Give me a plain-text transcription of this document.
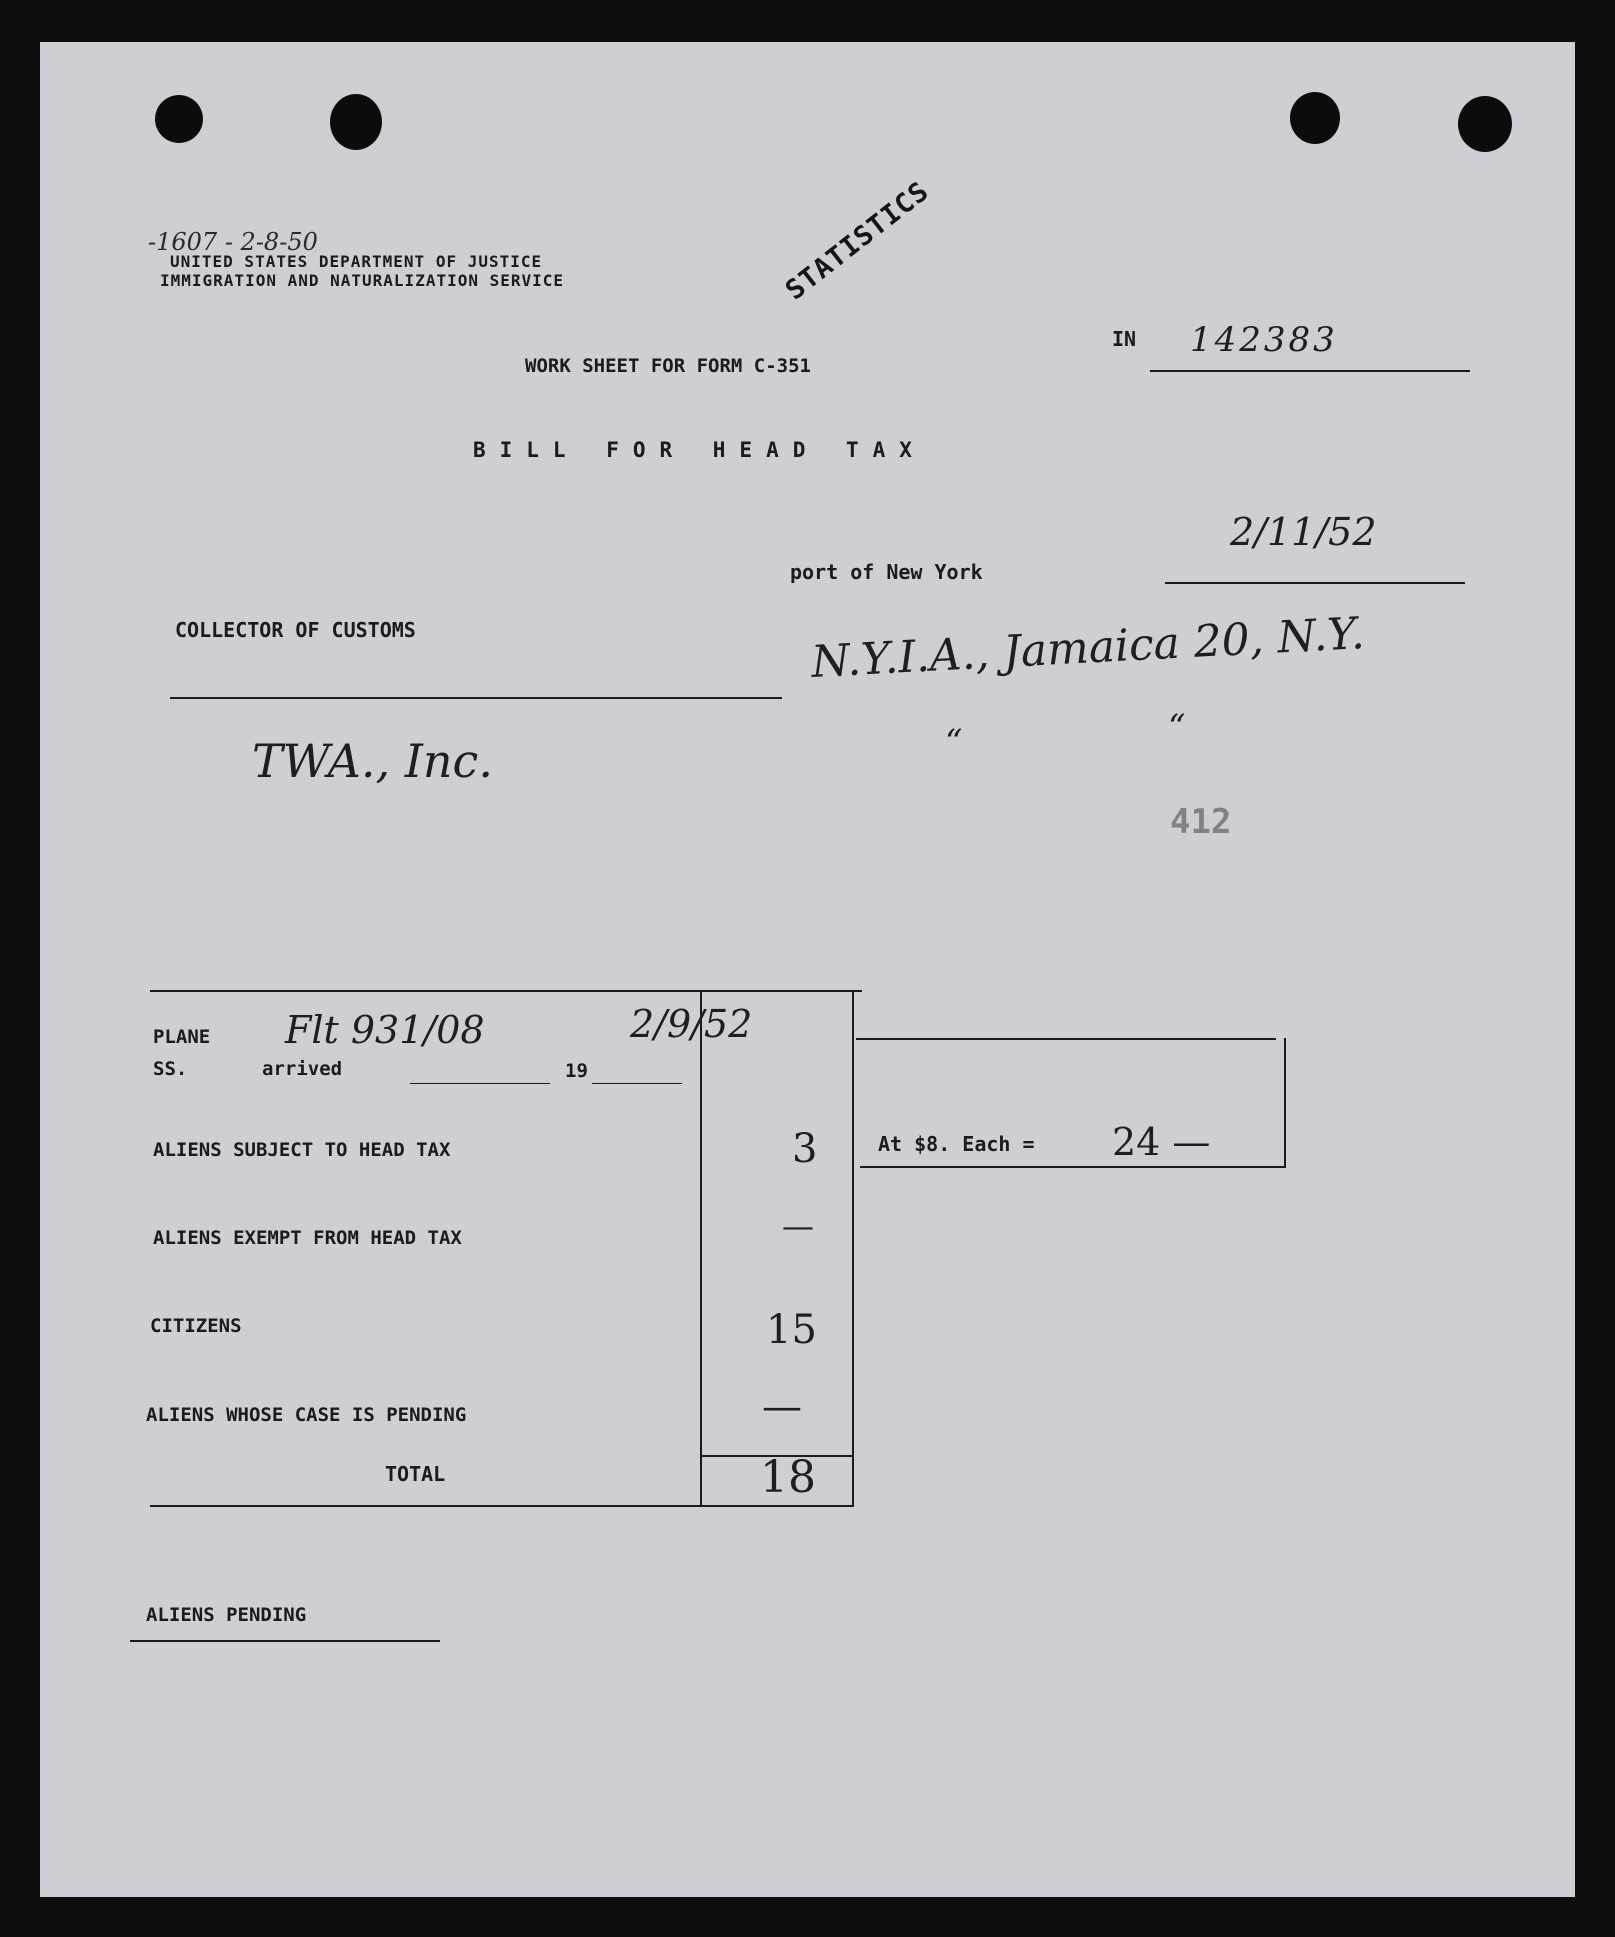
-1607 - 2-8-50
UNITED STATES DEPARTMENT OF JUSTICE
IMMIGRATION AND NATURALIZATION SERVICE	STATISTICS
WORK SHEET FOR FORM C-351
IN 142383
BILL FOR HEAD TAX
2/11/52
port of New York
COLLECTOR OF CUSTOMS	N.Y.I.A., Jamaica 20, N.Y.
“	“
TWA., Inc.
412
PLANE Flt 931/08	2/9/52
SS.	arrived	19
ALIENS SUBJECT TO HEAD TAX	3
ALIENS EXEMPT FROM HEAD TAX	—
CITIZENS	15
ALIENS WHOSE CASE IS PENDING	—
TOTAL	18
At $8. Each = 24 —
ALIENS PENDING
